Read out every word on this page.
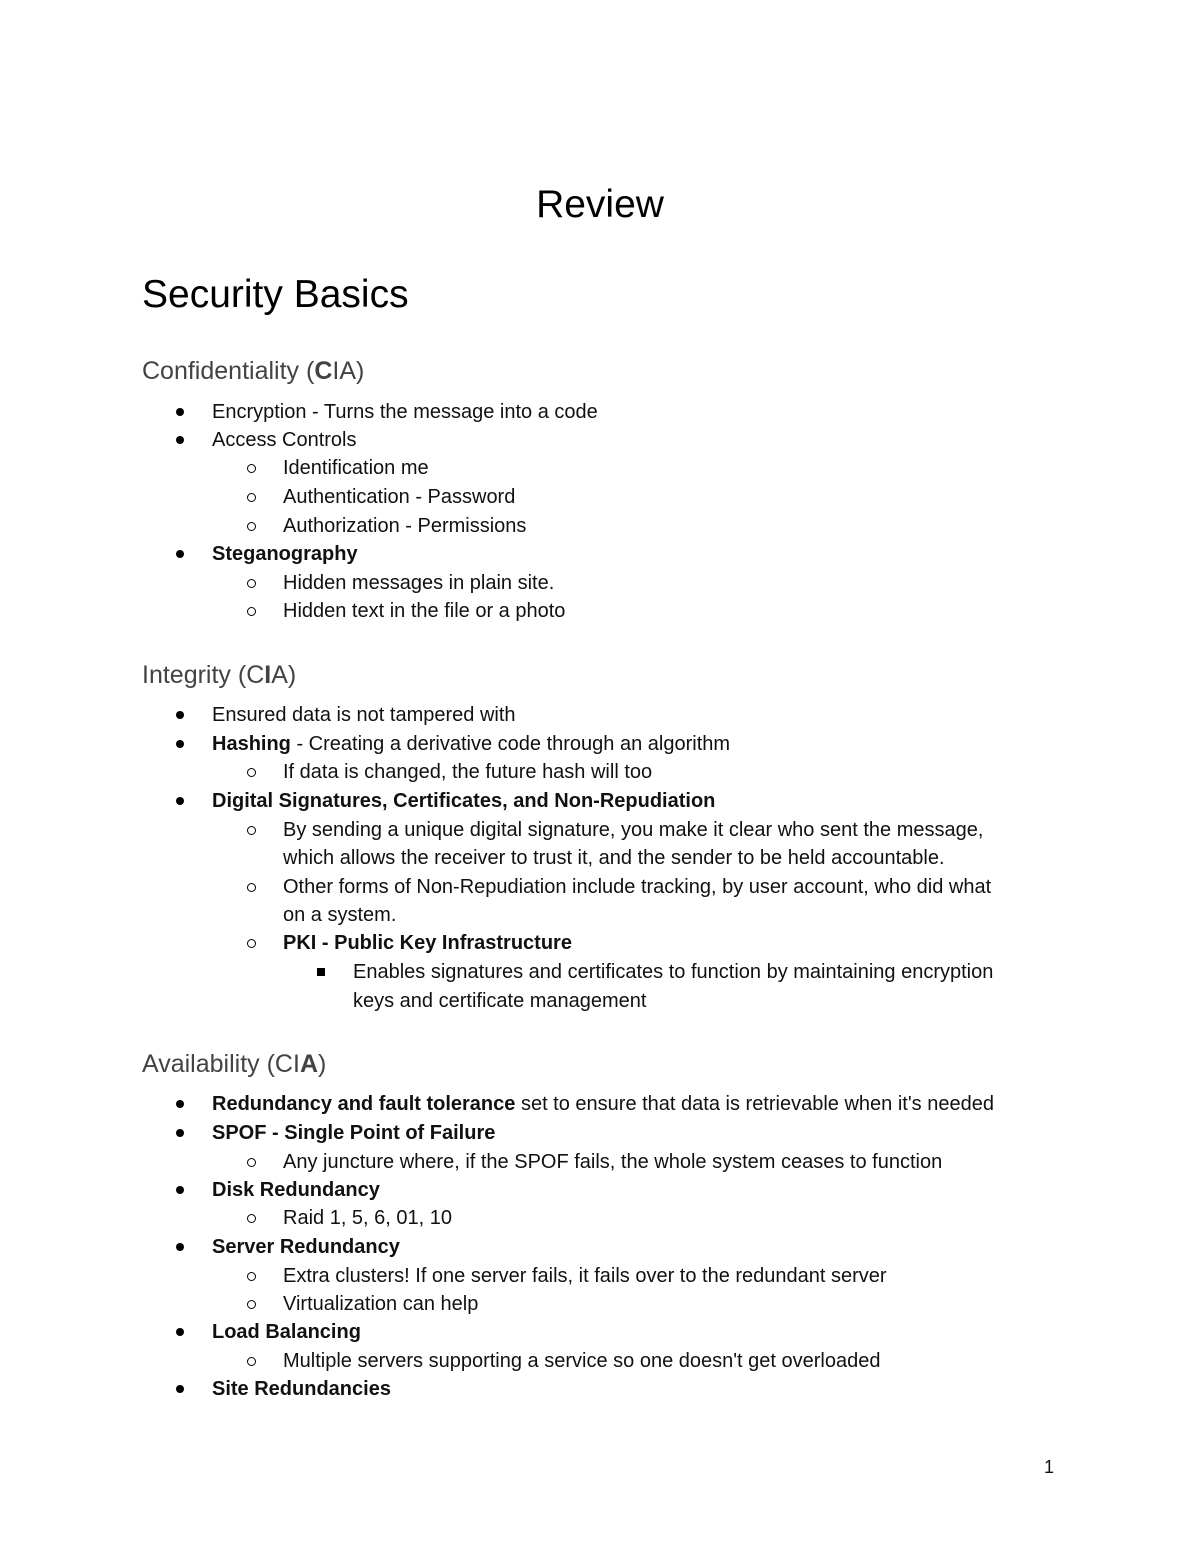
Review
Security Basics
Confidentiality (CIA)
Encryption - Turns the message into a code
Access Controls
Identification me
Authentication - Password
Authorization - Permissions
Steganography
Hidden messages in plain site.
Hidden text in the file or a photo
Integrity (CIA)
Ensured data is not tampered with
Hashing - Creating a derivative code through an algorithm
If data is changed, the future hash will too
Digital Signatures, Certificates, and Non-Repudiation
By sending a unique digital signature, you make it clear who sent the message,
which allows the receiver to trust it, and the sender to be held accountable.
Other forms of Non-Repudiation include tracking, by user account, who did what
on a system.
PKI - Public Key Infrastructure
Enables signatures and certificates to function by maintaining encryption
keys and certificate management
Availability (CIA)
Redundancy and fault tolerance set to ensure that data is retrievable when it's needed
SPOF - Single Point of Failure
Any juncture where, if the SPOF fails, the whole system ceases to function
Disk Redundancy
Raid 1, 5, 6, 01, 10
Server Redundancy
Extra clusters! If one server fails, it fails over to the redundant server
Virtualization can help
Load Balancing
Multiple servers supporting a service so one doesn't get overloaded
Site Redundancies
1
